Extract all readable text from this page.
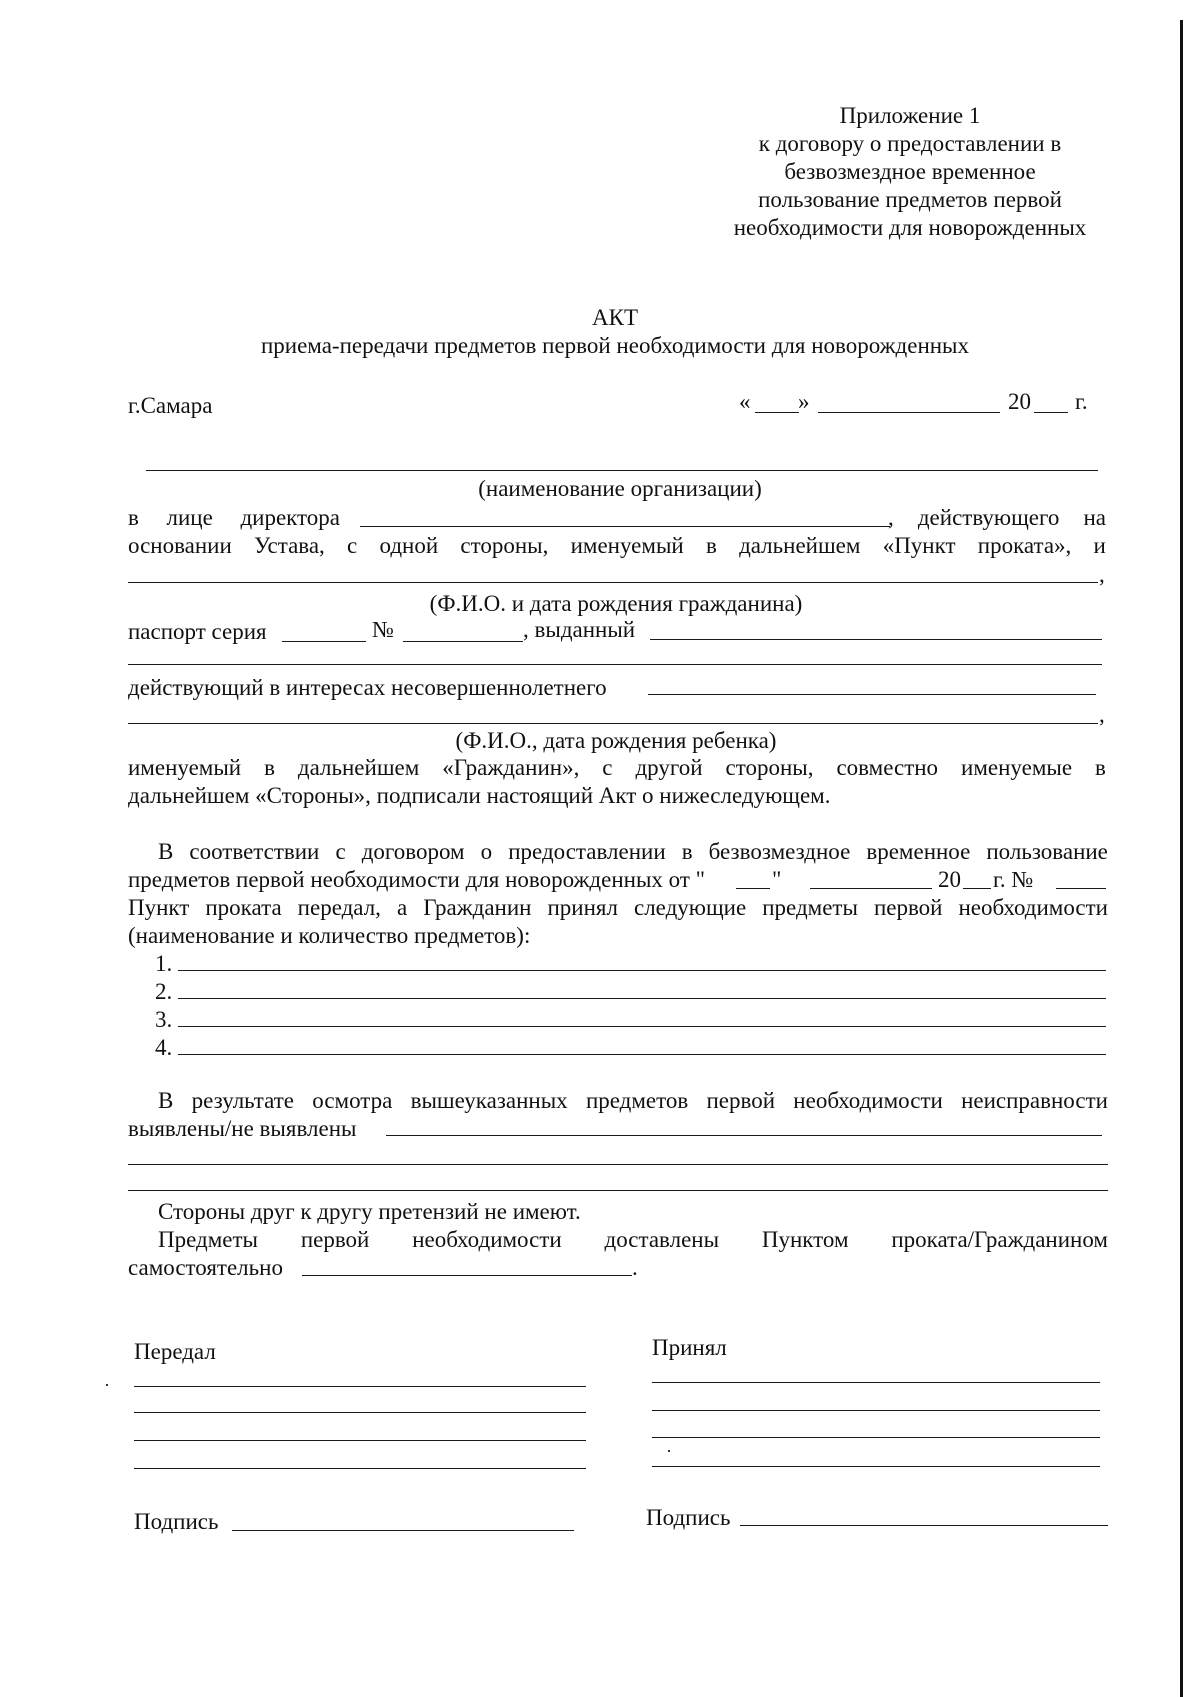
Приложение 1
к договору о предоставлении в
безвозмездное временное
пользование предметов первой
необходимости для новорожденных
АКТ
приема-передачи предметов первой необходимости для новорожденных
г.Самара	« »	20 г.
(наименование организации)
в лице директора	, действующего на
основании Устава, с одной стороны, именуемый в дальнейшем «Пункт проката», и
,
(Ф.И.О. и дата рождения гражданина)
паспорт серия	№	, выданный
действующий в интересах несовершеннолетнего
,
(Ф.И.О., дата рождения ребенка)
именуемый в дальнейшем «Гражданин», с другой стороны, совместно именуемые в
дальнейшем «Стороны», подписали настоящий Акт о нижеследующем.
В соответствии с договором о предоставлении в безвозмездное временное пользование
предметов первой необходимости для новорожденных от "	"	20 г. №
Пункт проката передал, а Гражданин принял следующие предметы первой необходимости
(наименование и количество предметов):
1.
2.
3.
4.
В результате осмотра вышеуказанных предметов первой необходимости неисправности
выявлены/не выявлены
Стороны друг к другу претензий не имеют.
Предметы первой необходимости доставлены Пунктом проката/Гражданином
самостоятельно	.
Передал	Принял
Подпись	Подпись
